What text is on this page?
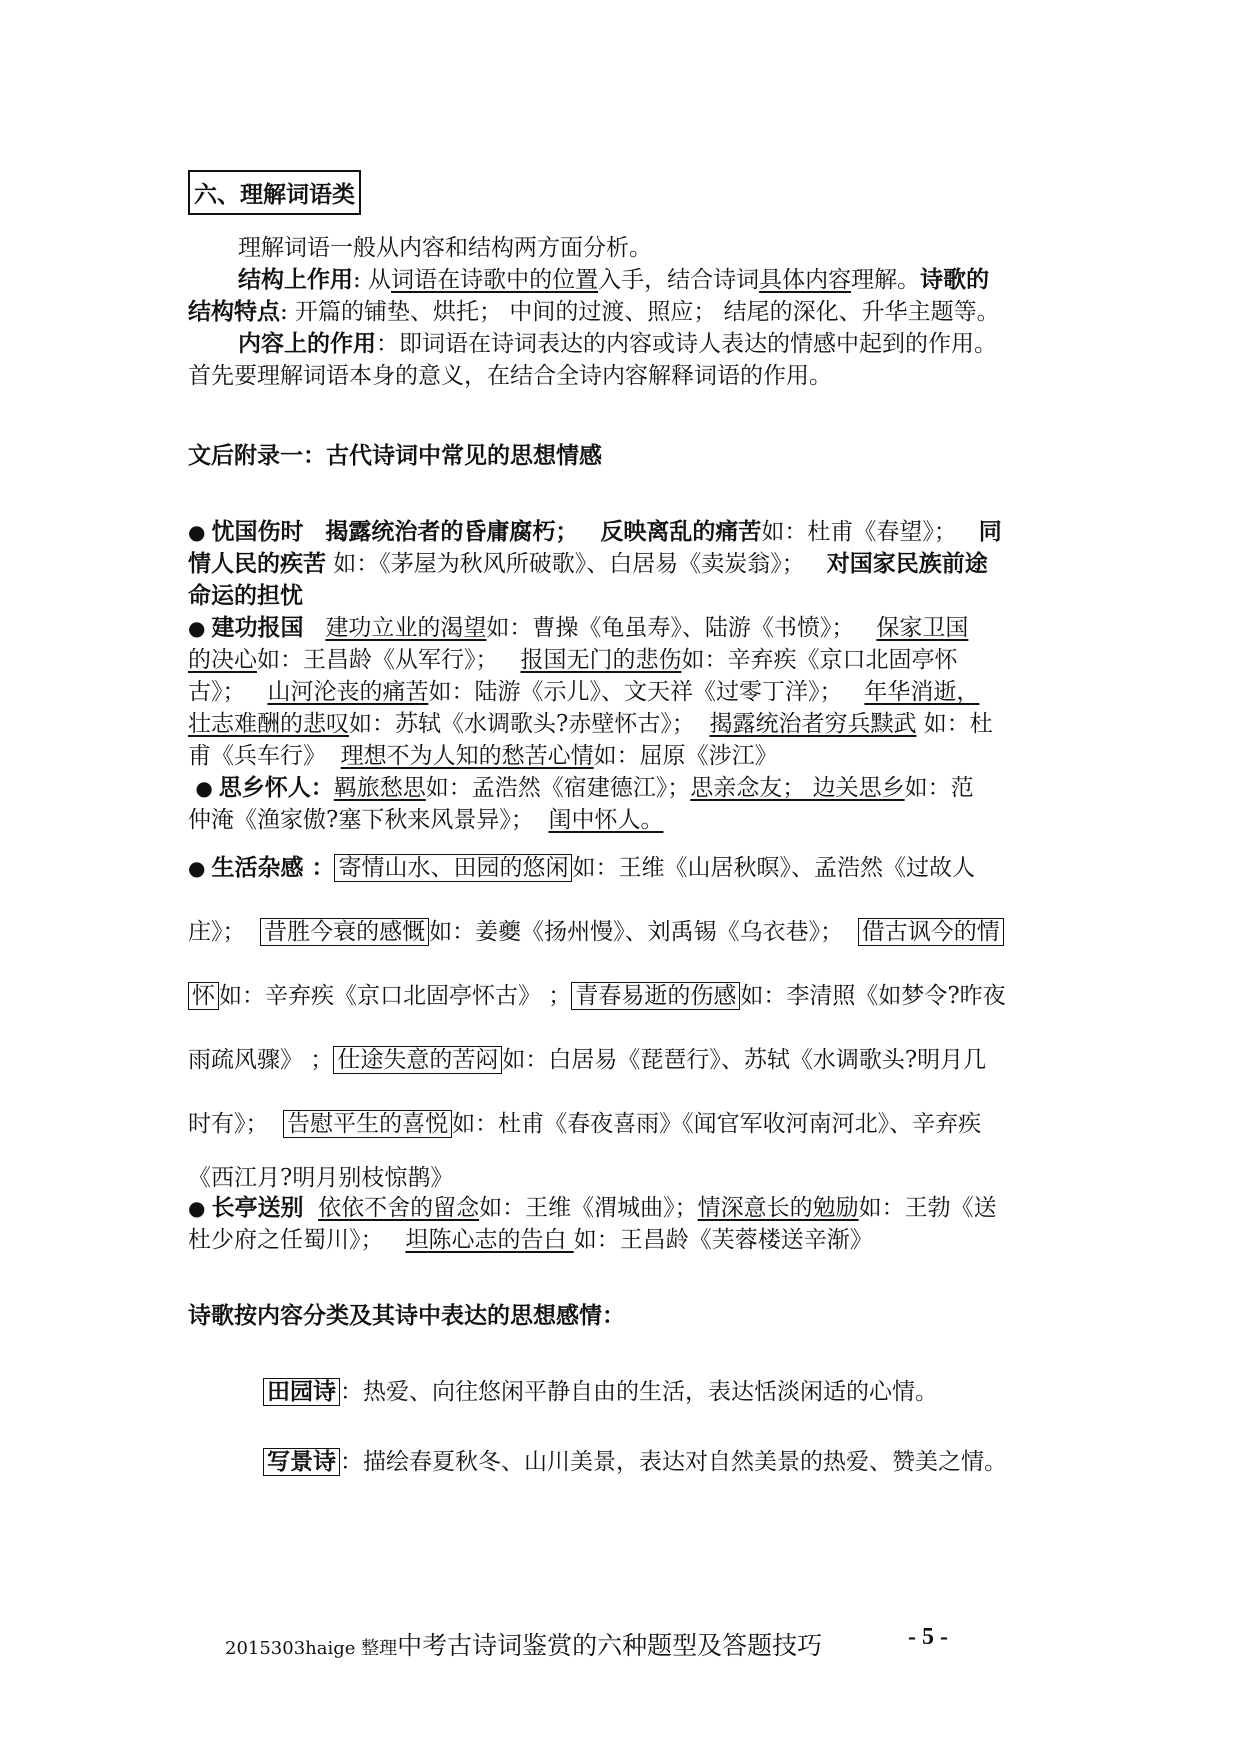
六、理解词语类
理解词语一般从内容和结构两方面分析。
结构上作用: 从词语在诗歌中的位置入手，结合诗词具体内容理解。诗歌的
结构特点: 开篇的铺垫、烘托； 中间的过渡、照应； 结尾的深化、升华主题等。
内容上的作用：即词语在诗词表达的内容或诗人表达的情感中起到的作用。
首先要理解词语本身的意义，在结合全诗内容解释词语的作用。
文后附录一：古代诗词中常见的思想情感
● 忧国伤时 揭露统治者的昏庸腐朽； 反映离乱的痛苦如：杜甫《春望》； 同
情人民的疾苦 如：《茅屋为秋风所破歌》、白居易《卖炭翁》； 对国家民族前途
命运的担忧
● 建功报国 建功立业的渴望如：曹操《龟虽寿》、陆游《书愤》； 保家卫国
的决心如：王昌龄《从军行》； 报国无门的悲伤如：辛弃疾《京口北固亭怀
古》； 山河沦丧的痛苦如：陆游《示儿》、文天祥《过零丁洋》； 年华消逝，
壮志难酬的悲叹如：苏轼《水调歌头?赤壁怀古》； 揭露统治者穷兵黩武 如：杜
甫《兵车行》 理想不为人知的愁苦心情如：屈原《涉江》
● 思乡怀人：羁旅愁思如：孟浩然《宿建德江》；思亲念友； 边关思乡如：范
仲淹《渔家傲?塞下秋来风景异》； 闺中怀人。
● 生活杂感 ： 寄情山水、田园的悠闲 如：王维《山居秋暝》、孟浩然《过故人
庄》； 昔胜今衰的感慨 如：姜夔《扬州慢》、刘禹锡《乌衣巷》； 借古讽今的情
怀 如：辛弃疾《京口北固亭怀古》 ； 青春易逝的伤感 如：李清照《如梦令?昨夜
雨疏风骤》 ； 仕途失意的苦闷 如：白居易《琵琶行》、苏轼《水调歌头?明月几
时有》； 告慰平生的喜悦 如：杜甫《春夜喜雨》《闻官军收河南河北》、辛弃疾
《西江月?明月别枝惊鹊》
● 长亭送别 依依不舍的留念如：王维《渭城曲》；情深意长的勉励如：王勃《送
杜少府之任蜀川》； 坦陈心志的告白 如：王昌龄《芙蓉楼送辛渐》
诗歌按内容分类及其诗中表达的思想感情：
田园诗 ：热爱、向往悠闲平静自由的生活，表达恬淡闲适的心情。
写景诗 ：描绘春夏秋冬、山川美景，表达对自然美景的热爱、赞美之情。
2015303haige 整理中考古诗词鉴赏的六种题型及答题技巧	- 5 -
